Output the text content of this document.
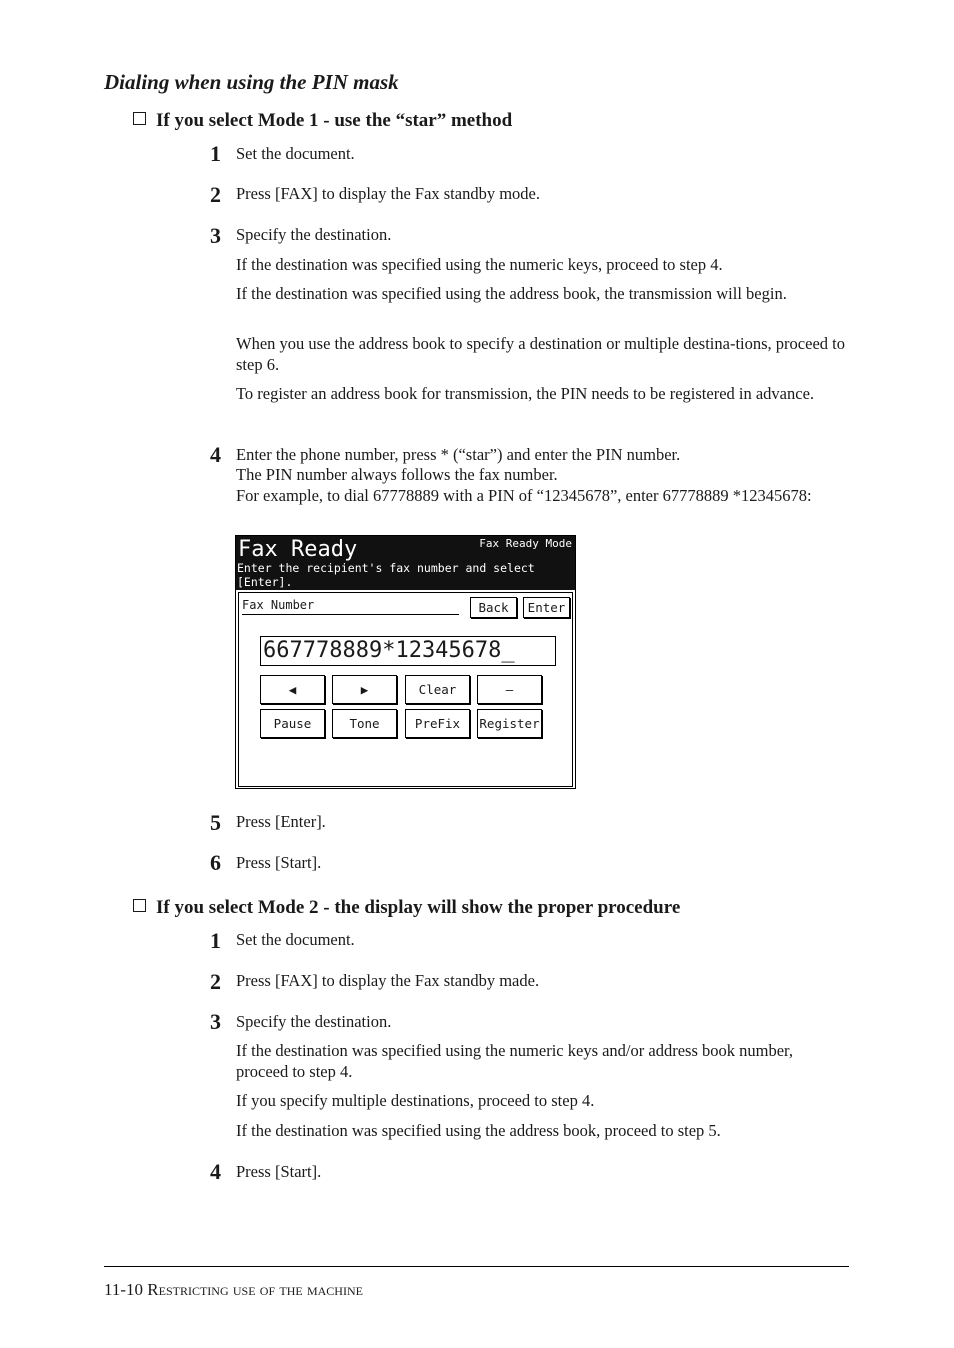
Dialing when using the PIN mask
If you select Mode 1 - use the “star” method
1 Set the document.
2 Press [FAX] to display the Fax standby mode.
3 Specify the destination.
If the destination was specified using the numeric keys, proceed to step 4.
If the destination was specified using the address book, the transmission will begin.
When you use the address book to specify a destination or multiple destina-tions, proceed to step 6.
To register an address book for transmission, the PIN needs to be registered in advance.
4 Enter the phone number, press * (“star”) and enter the PIN number.
The PIN number always follows the fax number.
For example, to dial 67778889 with a PIN of “12345678”, enter 67778889 *12345678:
Fax Ready	Fax Ready Mode
Enter the recipient's fax number and select [Enter].
Fax Number	Back	Enter
667778889*12345678_
◀	▶	Clear	–
Pause	Tone	PreFix	Register
5 Press [Enter].
6 Press [Start].
If you select Mode 2 - the display will show the proper procedure
1 Set the document.
2 Press [FAX] to display the Fax standby made.
3 Specify the destination.
If the destination was specified using the numeric keys and/or address book number, proceed to step 4.
If you specify multiple destinations, proceed to step 4.
If the destination was specified using the address book, proceed to step 5.
4 Press [Start].
11-10 Restricting use of the machine
